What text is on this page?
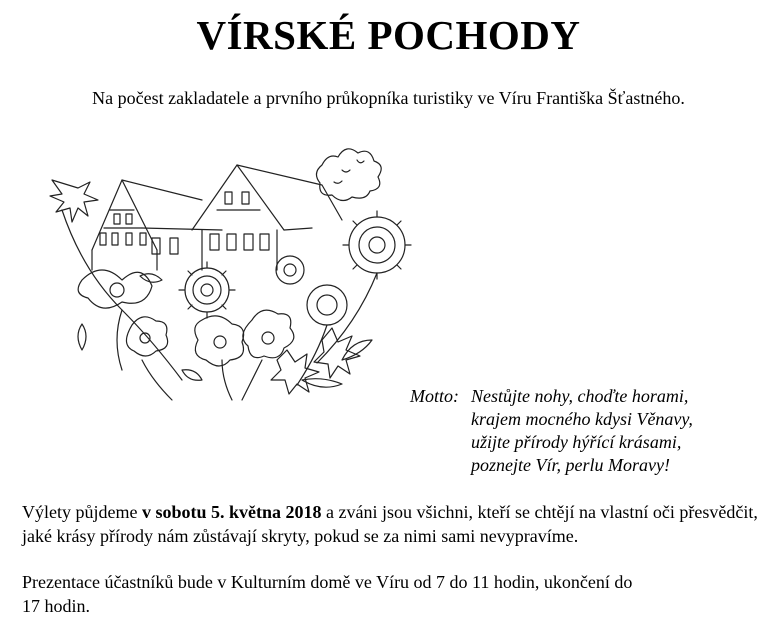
VÍRSKÉ POCHODY
Na počest zakladatele a prvního průkopníka turistiky ve Víru Františka Šťastného.
Motto: Nestůjte nohy, choďte horami,
krajem mocného kdysi Věnavy,
užijte přírody hýřící krásami,
poznejte Vír, perlu Moravy!
Výlety půjdeme v sobotu 5. května 2018 a zváni jsou všichni, kteří se chtějí na vlastní oči přesvědčit, jaké krásy přírody nám zůstávají skryty, pokud se za nimi sami nevypravíme.
Prezentace účastníků bude v Kulturním domě ve Víru od 7 do 11 hodin, ukončení do
17 hodin.
